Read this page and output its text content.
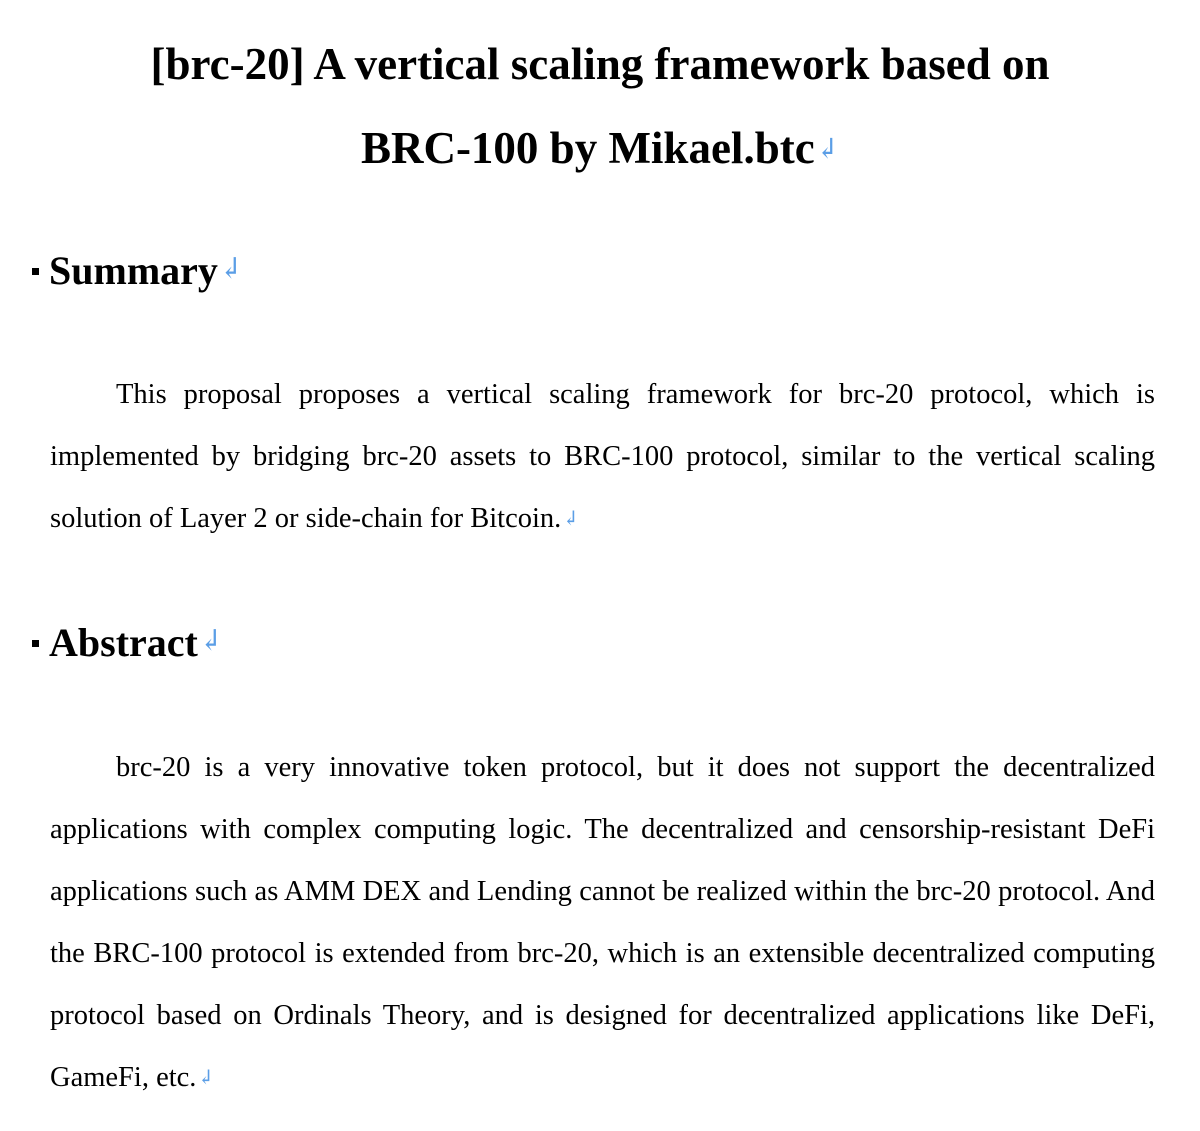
[brc-20] A vertical scaling framework based on
BRC-100 by Mikael.btc↲
Summary↲

This proposal proposes a vertical scaling framework for brc-20 protocol, which is implemented by bridging brc-20 assets to BRC-100 protocol, similar to the vertical scaling solution of Layer 2 or side-chain for Bitcoin.↲

Abstract↲

brc-20 is a very innovative token protocol, but it does not support the decentralized applications with complex computing logic. The decentralized and censorship-resistant DeFi applications such as AMM DEX and Lending cannot be realized within the brc-20 protocol. And the BRC-100 protocol is extended from brc-20, which is an extensible decentralized computing protocol based on Ordinals Theory, and is designed for decentralized applications like DeFi, GameFi, etc.↲
